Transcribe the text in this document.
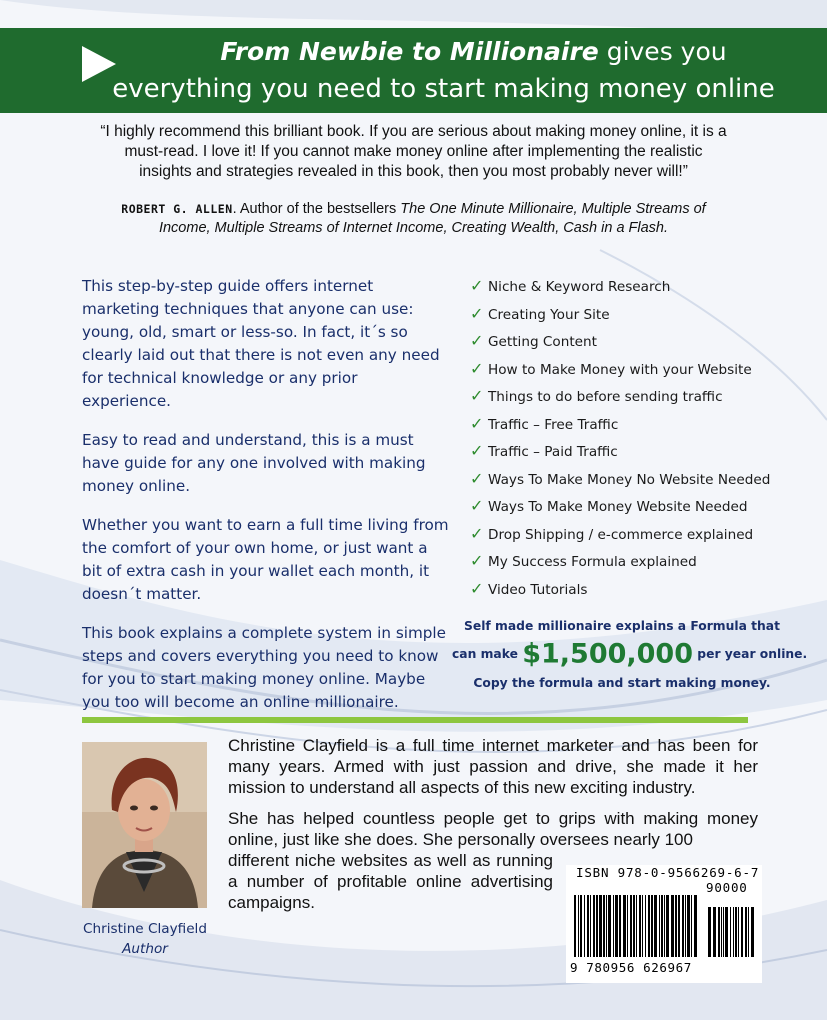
From Newbie to Millionaire gives you
everything you need to start making money online
“I highly recommend this brilliant book. If you are serious about making money online, it is a must-read. I love it! If you cannot make money online after implementing the realistic insights and strategies revealed in this book, then you most probably never will!”
ROBERT G. ALLEN. Author of the bestsellers The One Minute Millionaire, Multiple Streams of Income, Multiple Streams of Internet Income, Creating Wealth, Cash in a Flash.

This step-by-step guide offers internet marketing techniques that anyone can use: young, old, smart or less-so. In fact, it´s so clearly laid out that there is not even any need for technical knowledge or any prior experience.

Easy to read and understand, this is a must have guide for any one involved with making money online.

Whether you want to earn a full time living from the comfort of your own home, or just want a bit of extra cash in your wallet each month, it doesn´t matter.

This book explains a complete system in simple steps and covers everything you need to know for you to start making money online. Maybe you too will become an online millionaire.

✓ Niche & Keyword Research
✓ Creating Your Site
✓ Getting Content
✓ How to Make Money with your Website
✓ Things to do before sending traffic
✓ Traffic – Free Traffic
✓ Traffic – Paid Traffic
✓ Ways To Make Money No Website Needed
✓ Ways To Make Money Website Needed
✓ Drop Shipping / e-commerce explained
✓ My Success Formula explained
✓ Video Tutorials
Self made millionaire explains a Formula that
can make $1,500,000 per year online.
Copy the formula and start making money.
Christine Clayfield
Author

Christine Clayfield is a full time internet marketer and has been for many years. Armed with just passion and drive, she made it her mission to understand all aspects of this new exciting industry.

She has helped countless people get to grips with making money online, just like she does. She personally oversees nearly 100

different niche websites as well as running a number of profitable online advertising campaigns.

ISBN 978-0-9566269-6-7
90000
9 780956 626967
